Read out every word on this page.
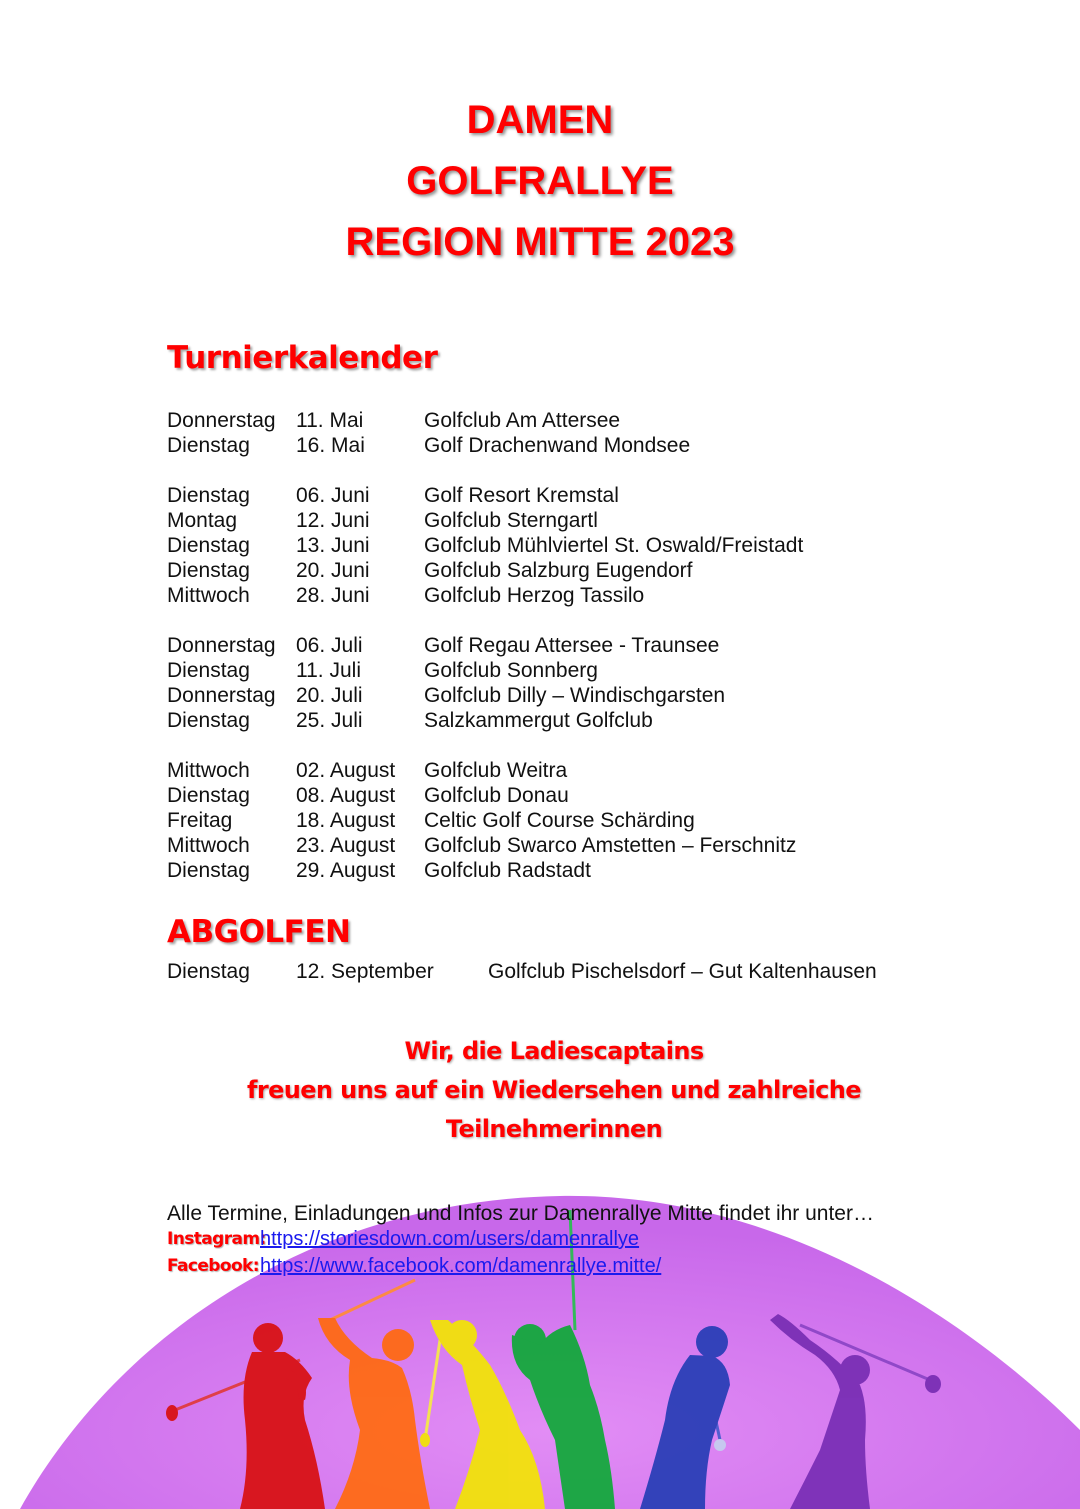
DAMEN
GOLFRALLYE
REGION MITTE 2023
Turnierkalender
Donnerstag 11. Mai	Golfclub Am Attersee
Dienstag	16. Mai	Golf Drachenwand Mondsee
Dienstag	06. Juni	Golf Resort Kremstal
Montag	12. Juni	Golfclub Sterngartl
Dienstag	13. Juni	Golfclub Mühlviertel St. Oswald/Freistadt
Dienstag	20. Juni	Golfclub Salzburg Eugendorf
Mittwoch	28. Juni	Golfclub Herzog Tassilo
Donnerstag 06. Juli	Golf Regau Attersee - Traunsee
Dienstag	11. Juli	Golfclub Sonnberg
Donnerstag 20. Juli	Golfclub Dilly – Windischgarsten
Dienstag	25. Juli	Salzkammergut Golfclub
Mittwoch	02. August	Golfclub Weitra
Dienstag	08. August	Golfclub Donau
Freitag	18. August	Celtic Golf Course Schärding
Mittwoch	23. August	Golfclub Swarco Amstetten – Ferschnitz
Dienstag	29. August	Golfclub Radstadt
ABGOLFEN
Dienstag	12. September	Golfclub Pischelsdorf – Gut Kaltenhausen
Wir, die Ladiescaptains
freuen uns auf ein Wiedersehen und zahlreiche
Teilnehmerinnen
Alle Termine, Einladungen und Infos zur Damenrallye Mitte findet ihr unter…
Instagram:
https://storiesdown.com/users/damenrallye
Facebook: https://www.facebook.com/damenrallye.mitte/
